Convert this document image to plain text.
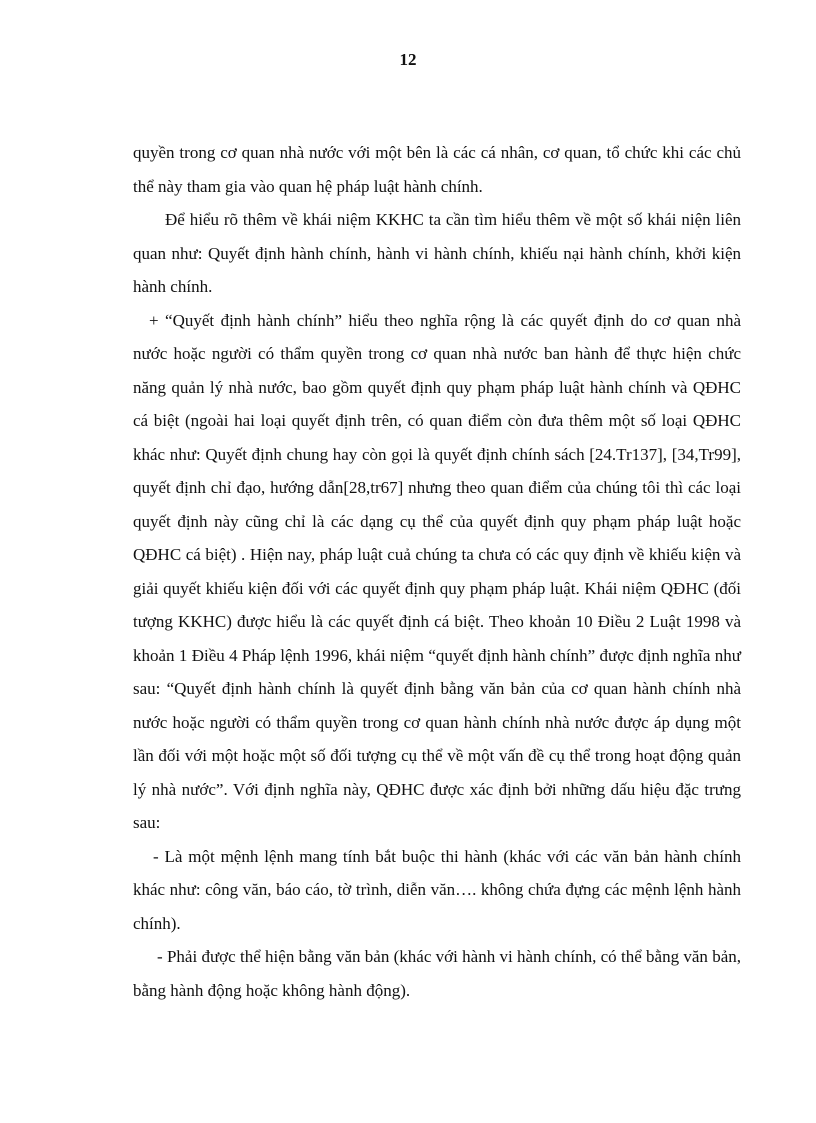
12

quyền trong cơ quan nhà nước với một bên là các cá nhân, cơ quan, tổ chức khi các chủ thể này tham gia vào quan hệ pháp luật hành chính.

Để hiểu rõ thêm về khái niệm KKHC ta cần tìm hiểu thêm về một số khái niện liên quan như: Quyết định hành chính, hành vi hành chính, khiếu nại hành chính, khởi kiện hành chính.

+ “Quyết định hành chính” hiểu theo nghĩa rộng là các quyết định do cơ quan nhà nước hoặc người có thẩm quyền trong cơ quan nhà nước ban hành để thực hiện chức năng quản lý nhà nước, bao gồm quyết định quy phạm pháp luật hành chính và QĐHC cá biệt (ngoài hai loại quyết định trên, có quan điểm còn đưa thêm một số loại QĐHC khác như: Quyết định chung hay còn gọi là quyết định chính sách [24.Tr137], [34,Tr99], quyết định chỉ đạo, hướng dẫn[28,tr67] nhưng theo quan điểm của chúng tôi thì các loại quyết định này cũng chỉ là các dạng cụ thể của quyết định quy phạm pháp luật hoặc QĐHC cá biệt) . Hiện nay, pháp luật cuả chúng ta chưa có các quy định về khiếu kiện và giải quyết khiếu kiện đối với các quyết định quy phạm pháp luật. Khái niệm QĐHC (đối tượng KKHC) được hiểu là các quyết định cá biệt. Theo khoản 10 Điều 2 Luật 1998 và khoản 1 Điều 4 Pháp lệnh 1996, khái niệm “quyết định hành chính” được định nghĩa như sau: “Quyết định hành chính là quyết định bằng văn bản của cơ quan hành chính nhà nước hoặc người có thẩm quyền trong cơ quan hành chính nhà nước được áp dụng một lần đối với một hoặc một số đối tượng cụ thể về một vấn đề cụ thể trong hoạt động quản lý nhà nước”. Với định nghĩa này, QĐHC được xác định bởi những dấu hiệu đặc trưng sau:

- Là một mệnh lệnh mang tính bắt buộc thi hành (khác với các văn bản hành chính khác như: công văn, báo cáo, tờ trình, diễn văn…. không chứa đựng các mệnh lệnh hành chính).

- Phải được thể hiện bằng văn bản (khác với hành vi hành chính, có thể bằng văn bản, bằng hành động hoặc không hành động).
